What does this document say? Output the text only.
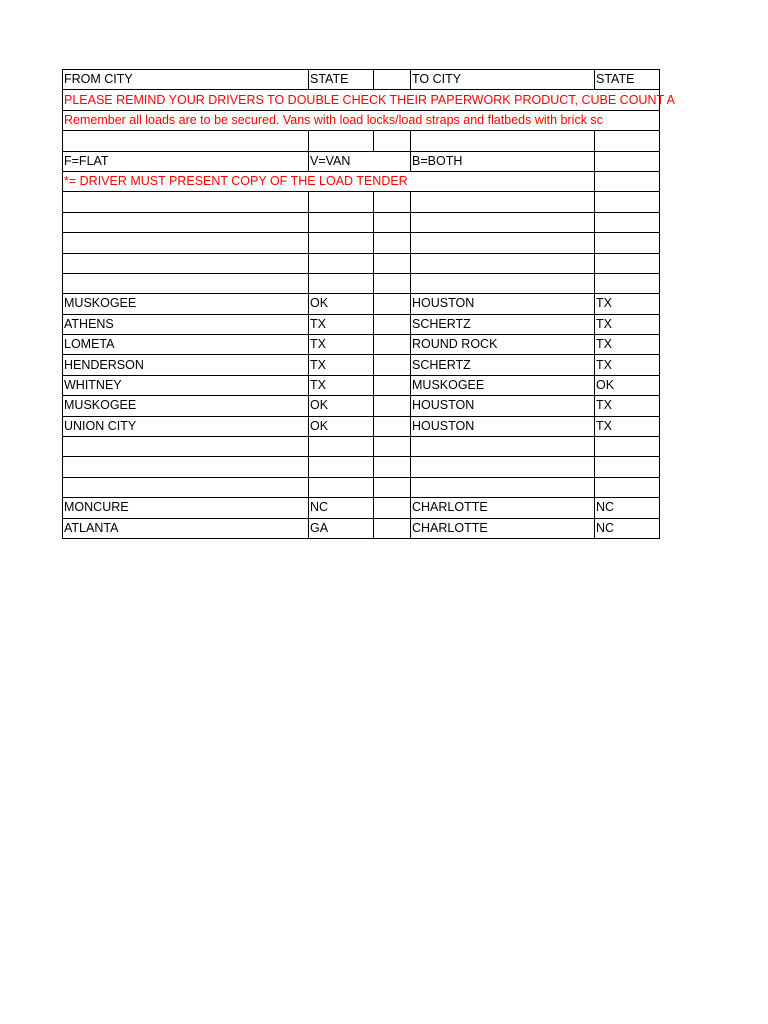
FROM CITY	STATE		TO CITY	STATE
PLEASE REMIND YOUR DRIVERS TO DOUBLE CHECK THEIR PAPERWORK PRODUCT, CUBE COUNT A				
Remember all loads are to be secured. Vans with load locks/load straps and flatbeds with brick sc				

F=FLAT	V=VAN		B=BOTH	
*= DRIVER MUST PRESENT COPY OF THE LOAD TENDER				

MUSKOGEE	OK		HOUSTON	TX
ATHENS	TX		SCHERTZ	TX
LOMETA	TX		ROUND ROCK	TX
HENDERSON	TX		SCHERTZ	TX
WHITNEY	TX		MUSKOGEE	OK
MUSKOGEE	OK		HOUSTON	TX
UNION CITY	OK		HOUSTON	TX

MONCURE	NC		CHARLOTTE	NC
ATLANTA	GA		CHARLOTTE	NC
